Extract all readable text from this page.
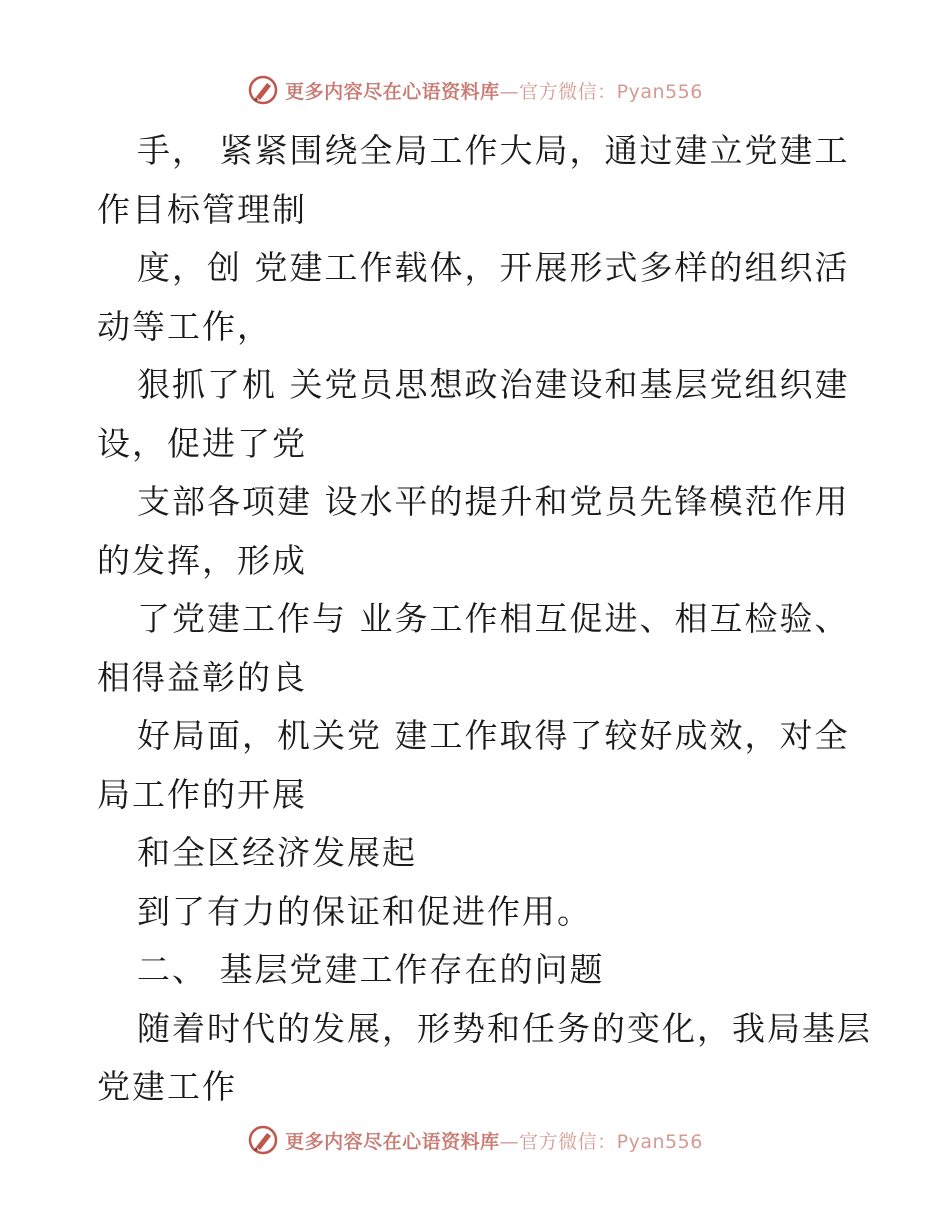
更多内容尽在心语资料库—官方微信：Pyan556
手， 紧紧围绕全局工作大局，通过建立党建工
作目标管理制
度，创 党建工作载体，开展形式多样的组织活
动等工作，
狠抓了机 关党员思想政治建设和基层党组织建
设，促进了党
支部各项建 设水平的提升和党员先锋模范作用
的发挥，形成
了党建工作与 业务工作相互促进、相互检验、
相得益彰的良
好局面，机关党 建工作取得了较好成效，对全
局工作的开展
和全区经济发展起
到了有力的保证和促进作用。
二、 基层党建工作存在的问题
随着时代的发展，形势和任务的变化，我局基层
党建工作
更多内容尽在心语资料库—官方微信：Pyan556
